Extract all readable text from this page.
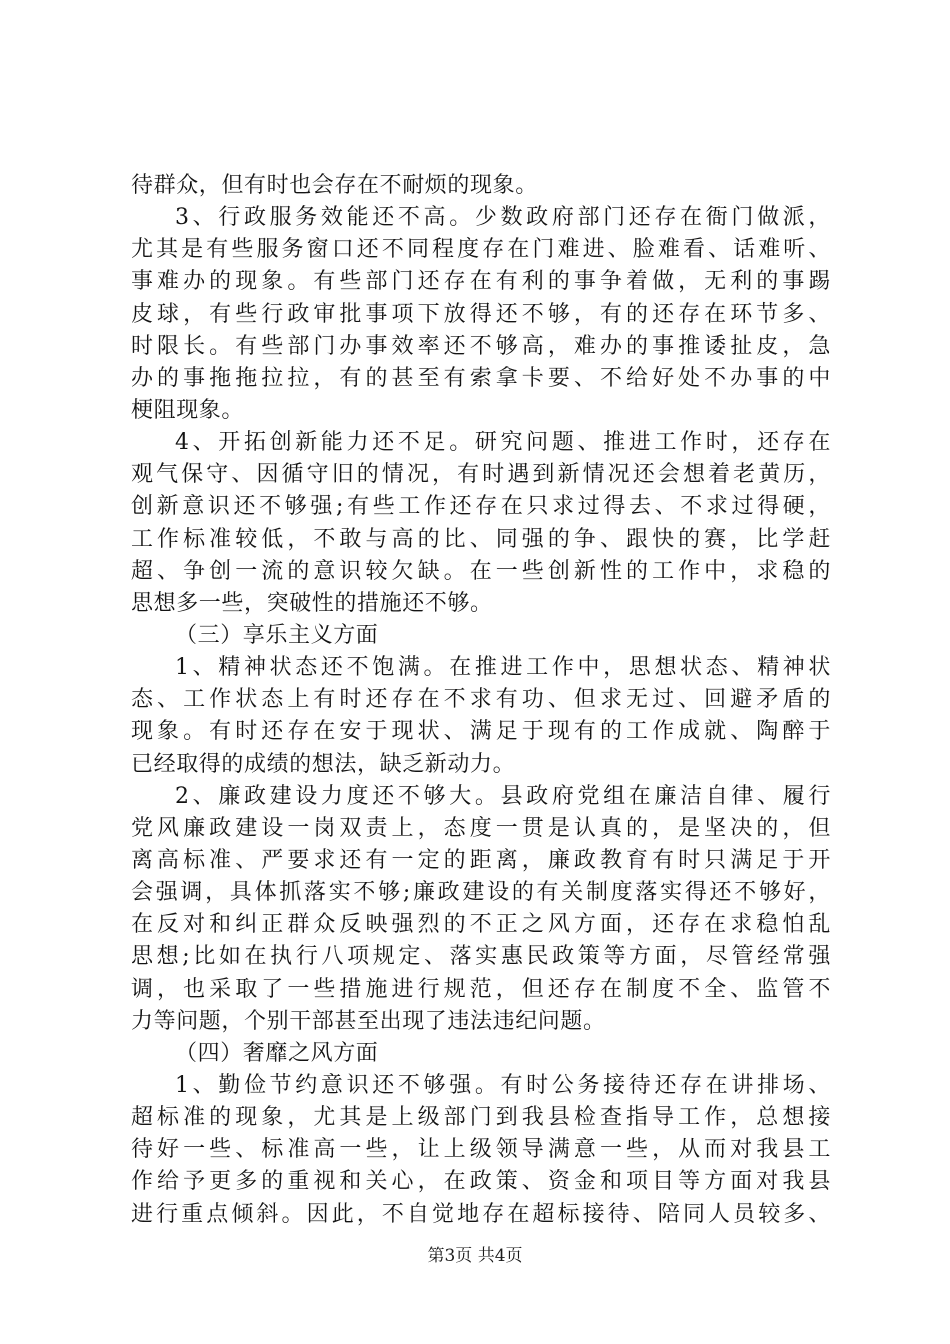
待群众，但有时也会存在不耐烦的现象。
3、行政服务效能还不高。少数政府部门还存在衙门做派，
尤其是有些服务窗口还不同程度存在门难进、脸难看、话难听、
事难办的现象。有些部门还存在有利的事争着做，无利的事踢
皮球，有些行政审批事项下放得还不够，有的还存在环节多、
时限长。有些部门办事效率还不够高，难办的事推诿扯皮，急
办的事拖拖拉拉，有的甚至有索拿卡要、不给好处不办事的中
梗阻现象。
4、开拓创新能力还不足。研究问题、推进工作时，还存在
观气保守、因循守旧的情况，有时遇到新情况还会想着老黄历，
创新意识还不够强;有些工作还存在只求过得去、不求过得硬，
工作标准较低，不敢与高的比、同强的争、跟快的赛，比学赶
超、争创一流的意识较欠缺。在一些创新性的工作中，求稳的
思想多一些，突破性的措施还不够。
（三）享乐主义方面
1、精神状态还不饱满。在推进工作中，思想状态、精神状
态、工作状态上有时还存在不求有功、但求无过、回避矛盾的
现象。有时还存在安于现状、满足于现有的工作成就、陶醉于
已经取得的成绩的想法，缺乏新动力。
2、廉政建设力度还不够大。县政府党组在廉洁自律、履行
党风廉政建设一岗双责上，态度一贯是认真的，是坚决的，但
离高标准、严要求还有一定的距离，廉政教育有时只满足于开
会强调，具体抓落实不够;廉政建设的有关制度落实得还不够好，
在反对和纠正群众反映强烈的不正之风方面，还存在求稳怕乱
思想;比如在执行八项规定、落实惠民政策等方面，尽管经常强
调，也采取了一些措施进行规范，但还存在制度不全、监管不
力等问题，个别干部甚至出现了违法违纪问题。
（四）奢靡之风方面
1、勤俭节约意识还不够强。有时公务接待还存在讲排场、
超标准的现象，尤其是上级部门到我县检查指导工作，总想接
待好一些、标准高一些，让上级领导满意一些，从而对我县工
作给予更多的重视和关心，在政策、资金和项目等方面对我县
进行重点倾斜。因此，不自觉地存在超标接待、陪同人员较多、
第3页 共4页
